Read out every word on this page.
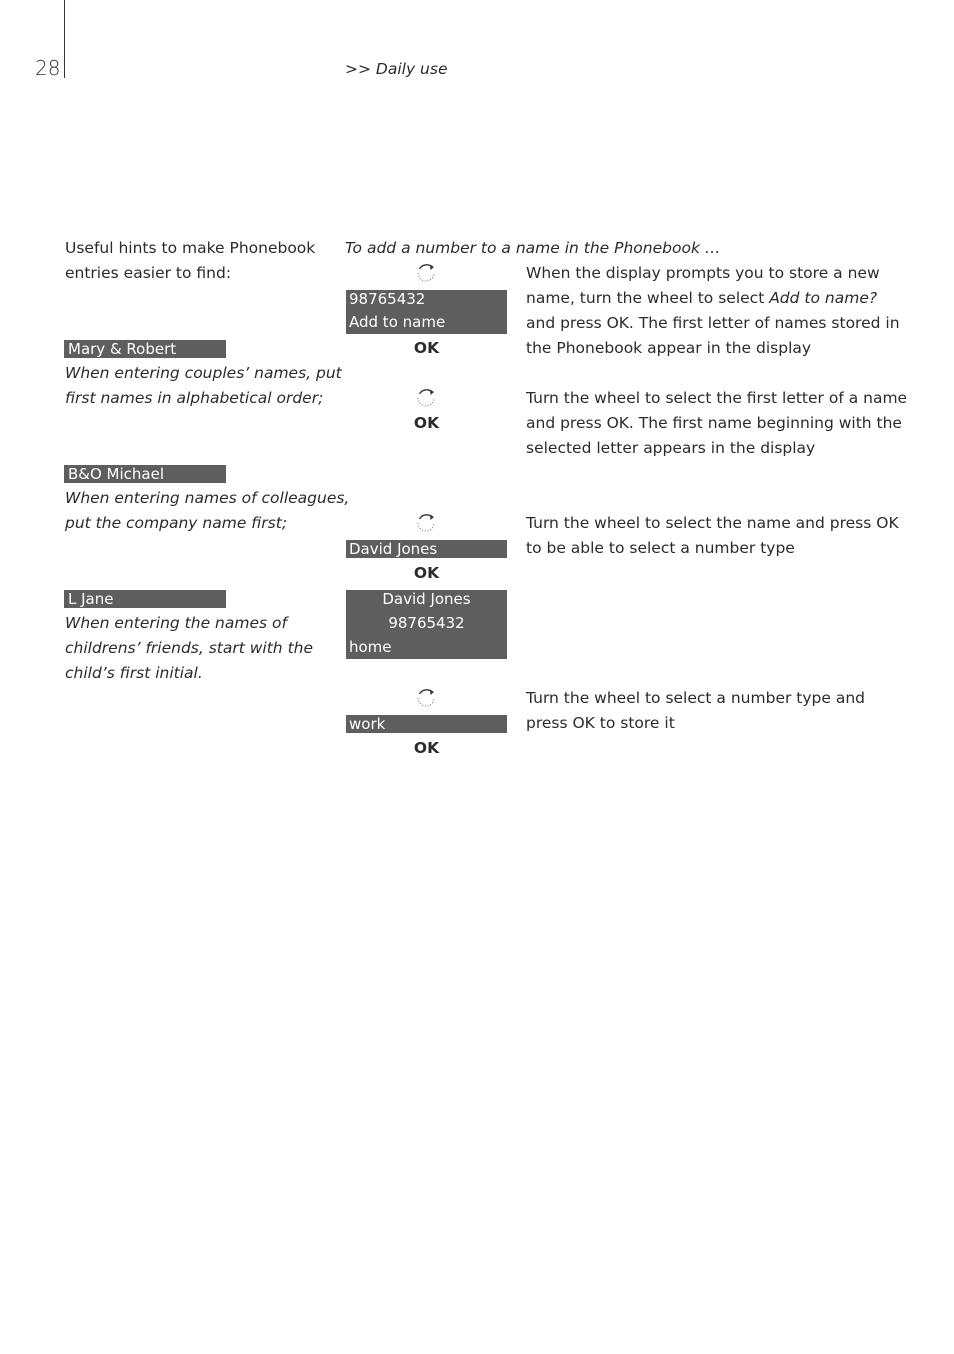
28	>> Daily use
Useful hints to make Phonebook
entries easier to find:
Mary & Robert
When entering couples’ names, put
first names in alphabetical order;
B&O Michael
When entering names of colleagues,
put the company name first;
L Jane
When entering the names of
childrens’ friends, start with the
child’s first initial.
To add a number to a name in the Phonebook …
98765432
Add to name
OK
OK
David Jones
OK
David Jones
98765432
home
work
OK
When the display prompts you to store a new
name, turn the wheel to select Add to name?
and press OK. The first letter of names stored in
the Phonebook appear in the display
Turn the wheel to select the first letter of a name
and press OK. The first name beginning with the
selected letter appears in the display
Turn the wheel to select the name and press OK
to be able to select a number type
Turn the wheel to select a number type and
press OK to store it
